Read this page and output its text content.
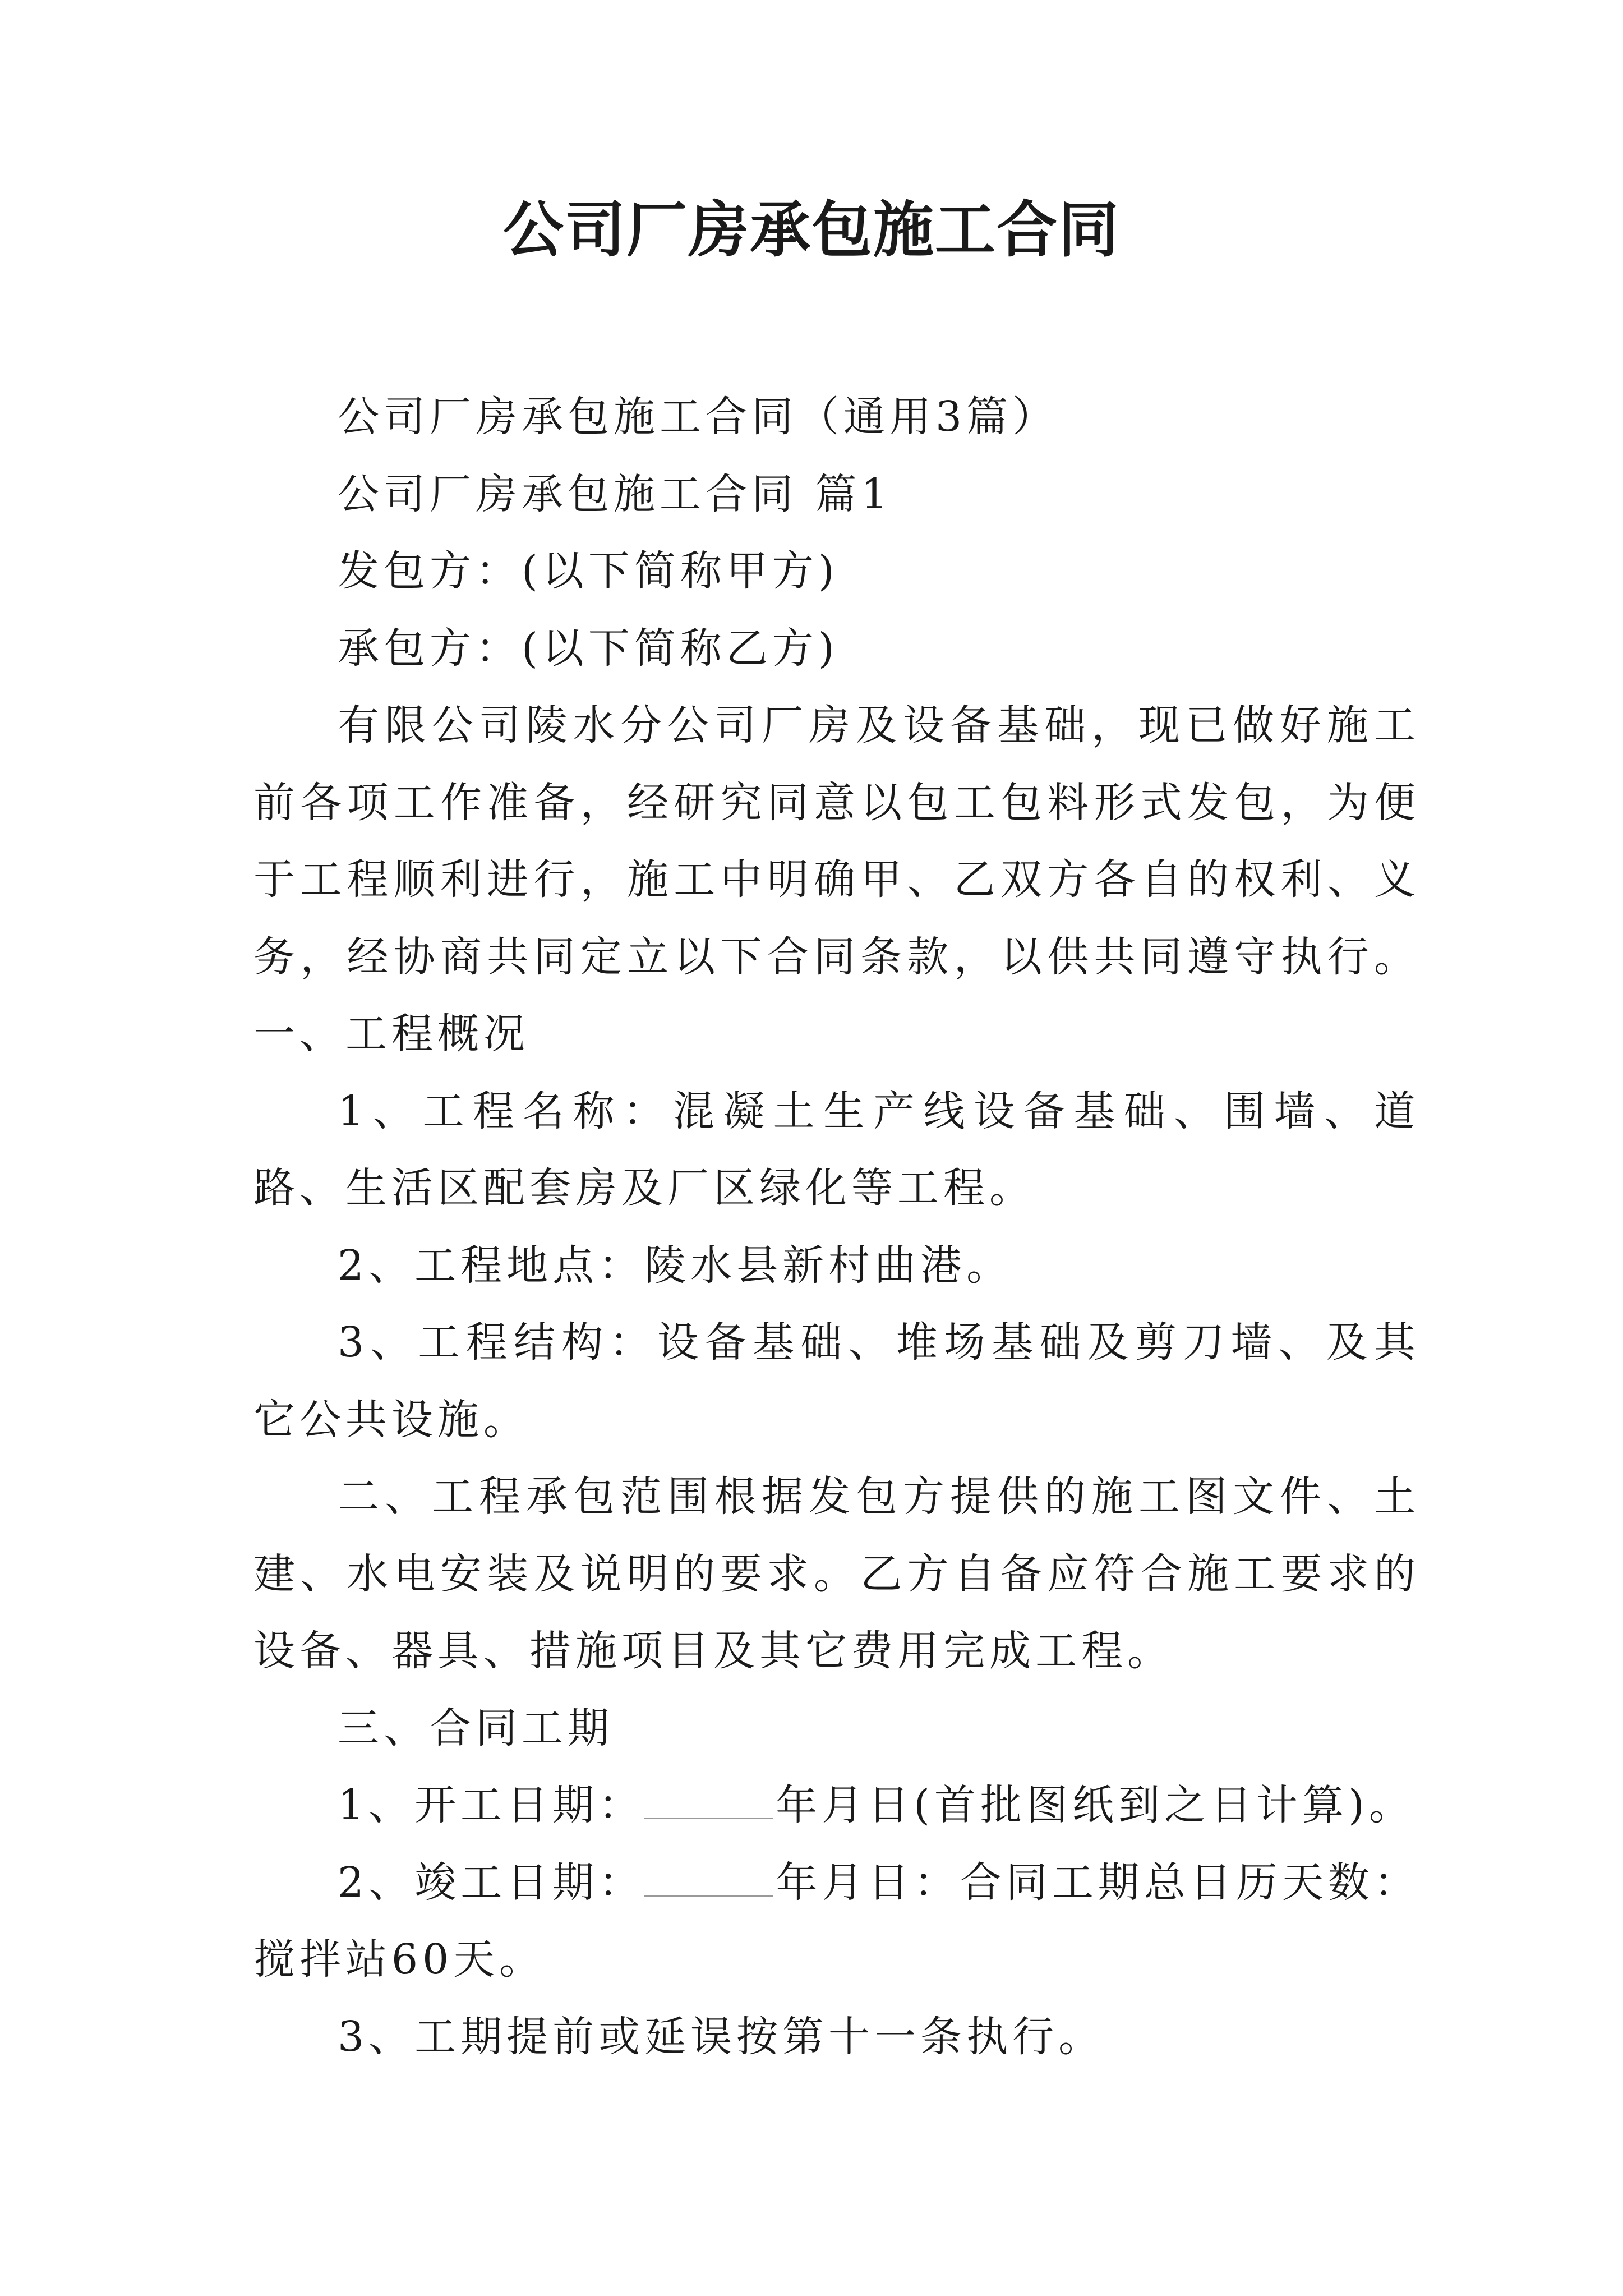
公司厂房承包施工合同

公司厂房承包施工合同（通用3篇）

公司厂房承包施工合同 篇1

发包方：(以下简称甲方)

承包方：(以下简称乙方)

有限公司陵水分公司厂房及设备基础，现已做好施工前各项工作准备，经研究同意以包工包料形式发包，为便于工程顺利进行，施工中明确甲、乙双方各自的权利、义务，经协商共同定立以下合同条款，以供共同遵守执行。一、工程概况

1、工程名称：混凝土生产线设备基础、围墙、道路、生活区配套房及厂区绿化等工程。

2、工程地点：陵水县新村曲港。

3、工程结构：设备基础、堆场基础及剪刀墙、及其它公共设施。

二、工程承包范围根据发包方提供的施工图文件、土建、水电安装及说明的要求。乙方自备应符合施工要求的设备、器具、措施项目及其它费用完成工程。

三、合同工期

1、开工日期：	年月日(首批图纸到之日计算)。

2、竣工日期：	年月日：合同工期总日历天数：搅拌站60天。

3、工期提前或延误按第十一条执行。
